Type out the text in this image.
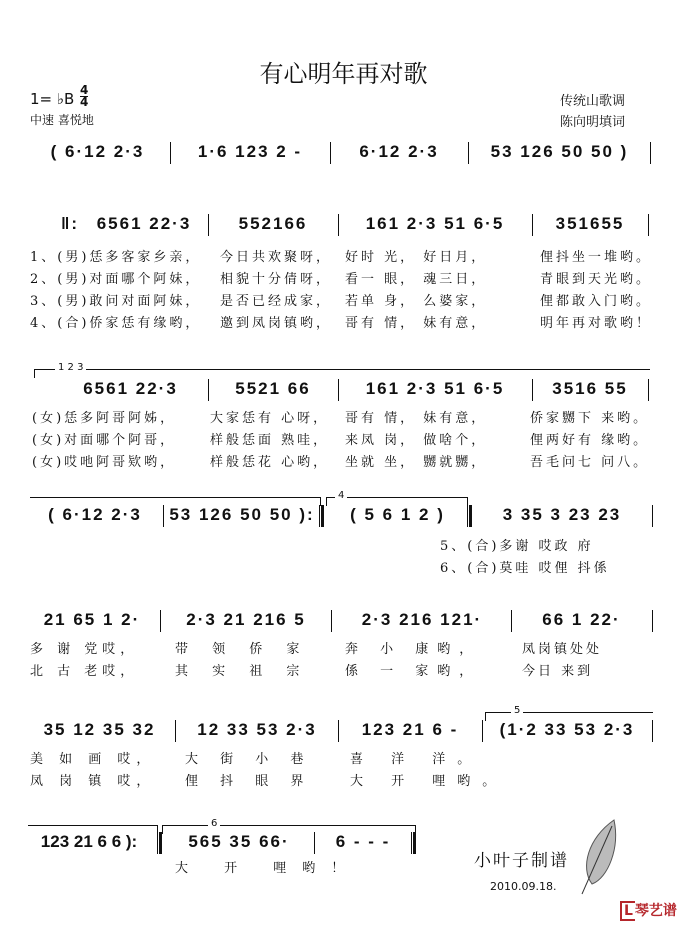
有心明年再对歌
1= ♭B 4
4
中速 喜悦地
传统山歌调
陈向明填词
( 6·12 2·3	1·6 123 2 -	6·12 2·3	53 126 50 50 )
‖:	6561 22·3	552166	161 2·3 51 6·5	351655
1、(男)恁多客家乡亲， 今日共欢聚呀， 好时 光， 好日月，	俚抖坐一堆哟。
2、(男)对面哪个阿妹， 相貌十分倩呀， 看一 眼， 魂三日，	青眼到天光哟。
3、(男)敢问对面阿妹， 是否已经成家， 若单 身， 么婆家，	俚都敢入门哟。
4、(合)侨家恁有缘哟， 邀到凤岗镇哟， 哥有 情， 妹有意，	明年再对歌哟！
1 2 3
6561 22·3	5521 66	161 2·3 51 6·5	3516 55
(女)恁多阿哥阿姊，	大家恁有 心呀， 哥有 情， 妹有意，	侨家嬲下 来哟。
(女)对面哪个阿哥，	样般恁面 熟哇， 来凤 岗， 做啥个，	俚两好有 缘哟。
(女)哎吔阿哥欵哟，	样般恁花 心哟， 坐就 坐， 嬲就嬲，	吾毛问七 问八。
4
( 6·12 2·3	53 126 50 50 ):	( 5 6 1 2 )	3 35 3 23 23
5、(合)多谢 哎政 府
6、(合)莫哇 哎俚 抖係
21 65 1 2·	2·3 21 216 5	2·3 216 121·	66 1 22·
多 谢 党哎，	带 领 侨 家	奔 小 康哟，	凤岗镇处处
北 古 老哎，	其 实 祖 宗	係 一 家哟，	今日 来到
5
35 12 35 32	12 33 53 2·3	123 21 6 -	(1·2 33 53 2·3
美 如 画 哎， 大 街 小 巷	喜 洋 洋。
凤 岗 镇 哎， 俚 抖 眼 界	大 开 哩哟。
6
123 21 6 6 ):	565 35 66·	6 - - -
大 开 哩哟！	小叶子制谱
2010.09.18.
L 琴艺谱
